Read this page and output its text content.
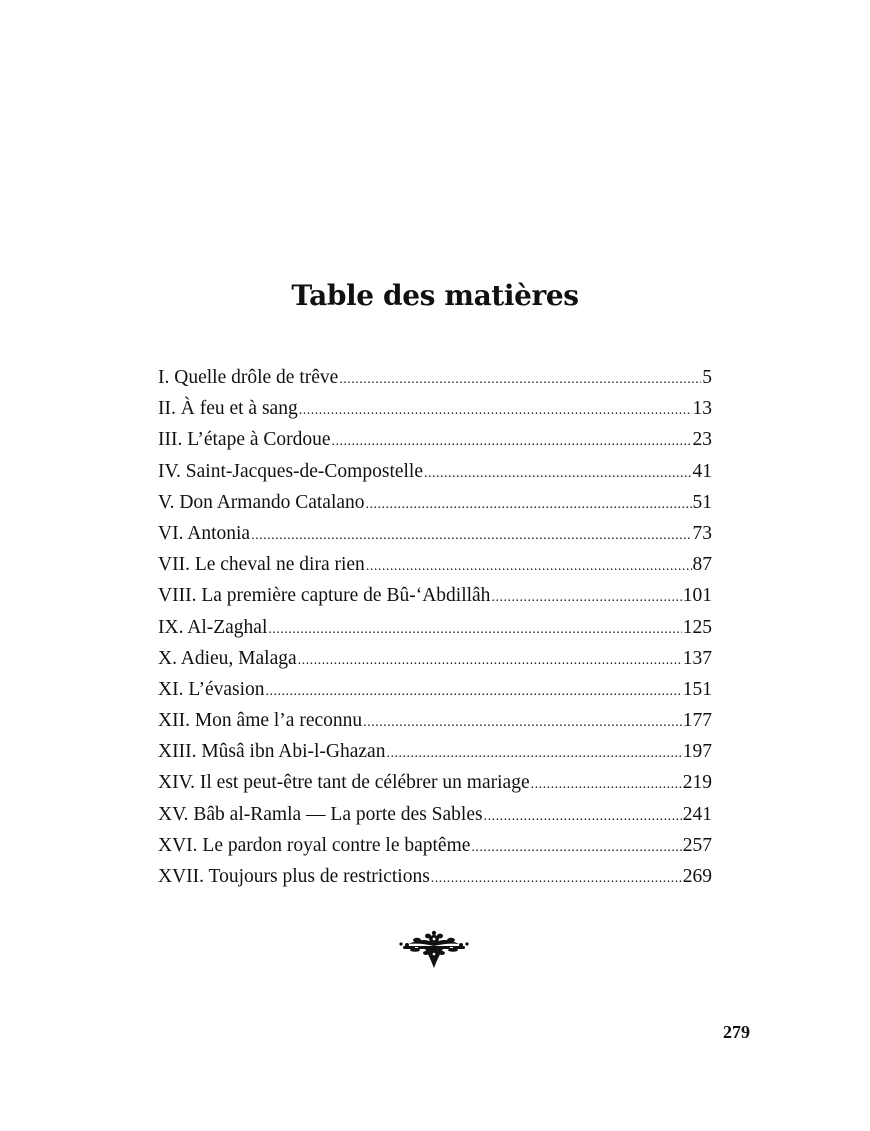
Table des matières
I. Quelle drôle de trêve .....	5
II. À feu et à sang .....	13
III. L’étape à Cordoue .....	23
IV. Saint-Jacques-de-Compostelle .....	41
V. Don Armando Catalano .....	51
VI. Antonia .....	73
VII. Le cheval ne dira rien .....	87
VIII. La première capture de Bû-‘Abdillâh .....	101
IX. Al-Zaghal .....	125
X. Adieu, Malaga .....	137
XI. L’évasion .....	151
XII. Mon âme l’a reconnu .....	177
XIII. Mûsâ ibn Abi-l-Ghazan .....	197
XIV. Il est peut-être tant de célébrer un mariage .....	219
XV. Bâb al-Ramla — La porte des Sables .....	241
XVI. Le pardon royal contre le baptême .....	257
XVII. Toujours plus de restrictions .....	269
279
